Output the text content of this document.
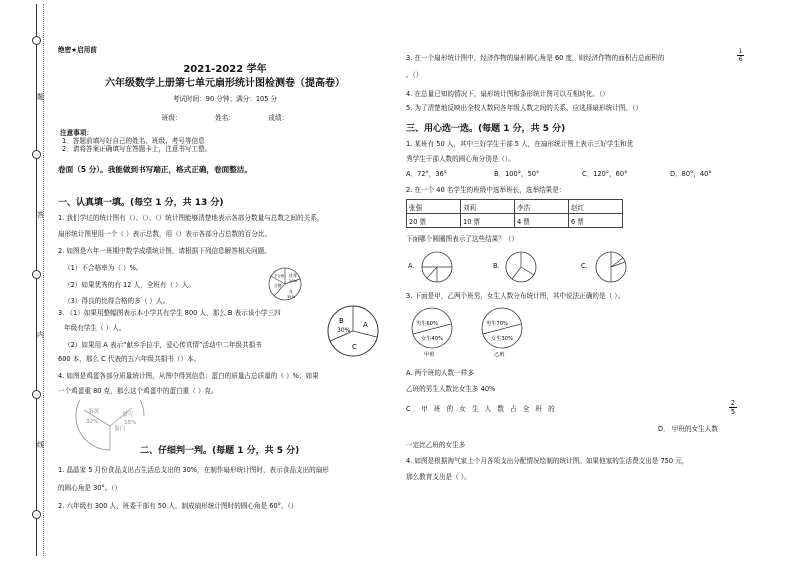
题
答
内
线
绝密★启用前
2021-2022 学年
六年级数学上册第七单元扇形统计图检测卷（提高卷）
考试时间：90 分钟；满分：105 分
班级：                姓名：                成绩：
注意事项：
1．答题前填写好自己的姓名、班级、考号等信息
2．请将答案正确填写在答题卡上，注意书写工整。
卷面（5 分）。我能做到书写端正，格式正确，卷面整洁。
一、认真填一填。(每空 1 分，共 13 分)
1. 我们学过的统计图有（）、（）、（）统计图能够清楚地表示各部分数量与总数之间的关系，
扇形统计图里用一个（ ）表示总数，用（）表示各部分占总数的百分比。
2. 如图是六年一班期中数学成绩统计图，请根据下列信息解答相关问题。
（1）不合格率为（ ）%。
（2）如果优秀的有 12 人，全班有（ ）人。
（3）得良的比得合格的多（ ）人。
优秀
良
合格
不合格
20%
35%
3. （1）如果用整幅图表示本小学共有学生 800 人，那么 B 表示该小学三四
年级有学生（ ）人。
（2）如果用 A 表示“献乡手拉手，爱心传真情”活动中二年级共捐书
600 本，那么 C 代表的五六年级共捐书（）本。
A
B
C
30%
4. 如图是鸡蛋各部分质量统计图，从图中得到信息：蛋白的质量占总质量的（ ）%；如果
一个鸡蛋重 80 克，那么这个鸡蛋中的蛋白重（ ）克。
蛋黄
32%
蛋白
蛋壳
15%
二、仔细判一判。(每题 1 分，共 5 分)
1. 晶晶家 5 月份食品支出占生活总支出的 30%，在制作扇形统计图时，表示食品支出的扇形
的圆心角是 30°。（）
2. 六年级有 300 人，班委干部有 50 人，制成扇形统计图时的圆心角是 60°。（）
3. 在一个扇形统计图中，经济作物的扇形圆心角是 60 度，则经济作物的面积占总面积的	$\frac{1}{6}$
。（）
4. 在总量已知的情况下，扇形统计图和条形统计图可以互相转化。（）
5. 为了清楚地反映出全校人数同各年级人数之间的关系，应选择扇形统计图。（）
三、用心选一选。(每题 1 分，共 5 分)
1. 某班有 50 人，其中三好学生干部 5 人，在扇形统计图上表示三好学生和优
秀学生干部人数的圆心角分别是（）。
A．72°，36°	B．100°，50°	C．120°，60°	D．80°，40°
2. 在一个 40 名学生的班级中选举班长，选举结果是：
张强	刘莉	李浩	赵红
20 票	10 票	4 票	6 票
下面哪个圆圈图表示了这些结果？（）
A.	B.	C.
3. 下面是甲，乙两个班男，女生人数分布统计图，其中说法正确的是（ ）。
男生60%
女生40%
甲班
男生70%
女生30%
乙班
A. 两个班的人数一样多
乙班的男生人数比女生多 40%
C．甲 班 的 女 生 人 数 占 全 班 的	$\frac{2}{5}$
D． 甲班的女生人数
一定比乙班的女生多
4. 如图是根据淘气家上个月各项支出分配情况绘制的统计图。如果他家的生活费支出是 750 元，
那么教育支出是（ ）。
